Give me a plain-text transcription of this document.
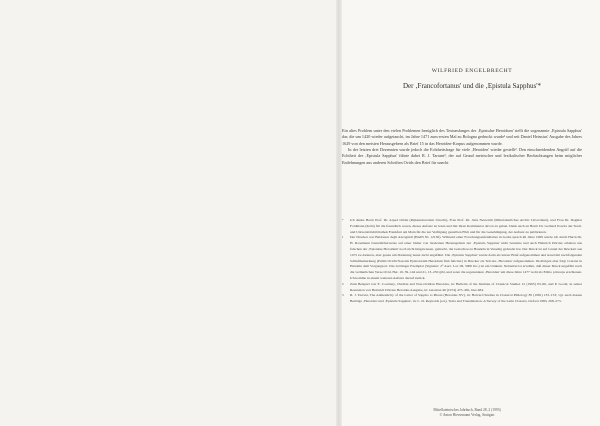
WILFRIED ENGELBRECHT
Der ‚Francofortanus' und die ‚Epistula Sapphus'*

Ein altes Problem unter den vielen Problemen bezüglich des Textumfanges der ‚Epistulae Heroidum' stellt die sogenannte ‚Epistula Sapphus' dar, die um 1420 wieder aufgetaucht, im Jahre 1471 zum ersten Mal zu Bologna gedruckt wurde¹ und seit Daniel Heinsius' Ausgabe des Jahres 1629 von den meisten Herausgebern als Brief 15 in das Heroiden-Korpus aufgenommen wurde.

In der letzten drei Dezennien wurde jedoch die Echtheitsfrage für viele ‚Heroiden' wieder gestellt². Den einschneidenden Angriff auf die Echtheit der ‚Epistula Sapphus' führte dabei R. J. Tarrant³, der auf Grund metrischer und lexikalischer Beobachtungen beim möglicher Entlehnungen aus anderen Schriften Ovids den Brief für unecht

* Ich danke Herrn Prof. Dr. Arpad Orbán (Rijksuniversiteit Utrecht), Frau Prof. Dr. Jutta Neuwirth (Mittelalterliches Archiv Unverdient), und Frau Dr. Dagmar Foldmann (Köln) für die freundlich waren, dieses Aufsatz zu lesen und mir ihren Kommentar davon zu geben. Dank auch an Herrn Dr. Gerhard Powitz der Stadt- und Universitätsbibliothek Frankfurt am Main für die zur Verfügung gestellten Film und für die Genehmigung, der Aufsatz zu publizieren.

1 Der Drucker war Baldassar degli Azzoguidi (HAIN Nr. 12136). Während einer Forschungsaufenthaltes in Gotha sprach im Jahre 1969 wurde ich durch Herrn Dr. H. Rosemann freundlicherweise auf einer bisher von modernen Herausgebern der ‚Epistula Sapphus' nicht benutzte und auch Heinrich Dörries arbeiten uns falschen der ‚Epistulae Heroidum' noch nicht hingewiesen, gemacht, die Gottschau zu Handeln in Venedig gedruckt hat. Der Druck ist auf Grund der Druckart aus 1475 zu datieren, aber genau um Datierung lauter nicht angeführt. Die ‚Epistula Sapphus' wurde darin als letzter Brief aufgenommen und stand mit nachfolgenden Schlußbemerkung (Publii Ovidii Nasonis Epistolarum Heroidum finit feliciter) in Drucker als Teil des ‚Heroiden' aufgenommen. Im übrigen aber folgt Cretanz in Handeln dem Vorgangsort. Das Göttinger Exemplar (Signatur: 2° Auct. Lat. III, 5000 Inc.) ist ein Unikum. Nebenbei ist erwähnt, daß dieser Druck ungefähr noch die vermutlichen Verse Ovid, Her. 16, 39–144 und 21, 13–250 gibt, und sonst die sogenannten ‚Heroiden' um diese Jahre 1477 wohl als Editio princeps erschienen. Ich komme in einem weiteren Aufsatz darauf zurück.

2 Zum Beispiel von E. Courtney, Ovidian and Non-Ovidian Heroides, in: Bulletin of the Institute of Classical Studies 12 (1965) 63–66, und P. Goold, in seiner Rezension von Heinrich Dörries Heroides Ausgabe, in: Gnomon 46 (1974) 475–481, hier 484.

3 R. J. Tarrant, The Authenticity of the Letter of Sappho to Phaon (Heroides XV), in: Harvard Studies in Classical Philology 85 (1981) 133–153; vgl. auch dessen Beiträge ‚Heroides' und ‚Epistula Sapphus', in: L. D. Reynolds (ed.), Texts and Transmission. A Survey of the Latin Classics, Oxford 1983, 268–273.

Mittellateinisches Jahrbuch, Band 28, 2 (1993)
© Anton Hiersemann Verlag, Stuttgart
